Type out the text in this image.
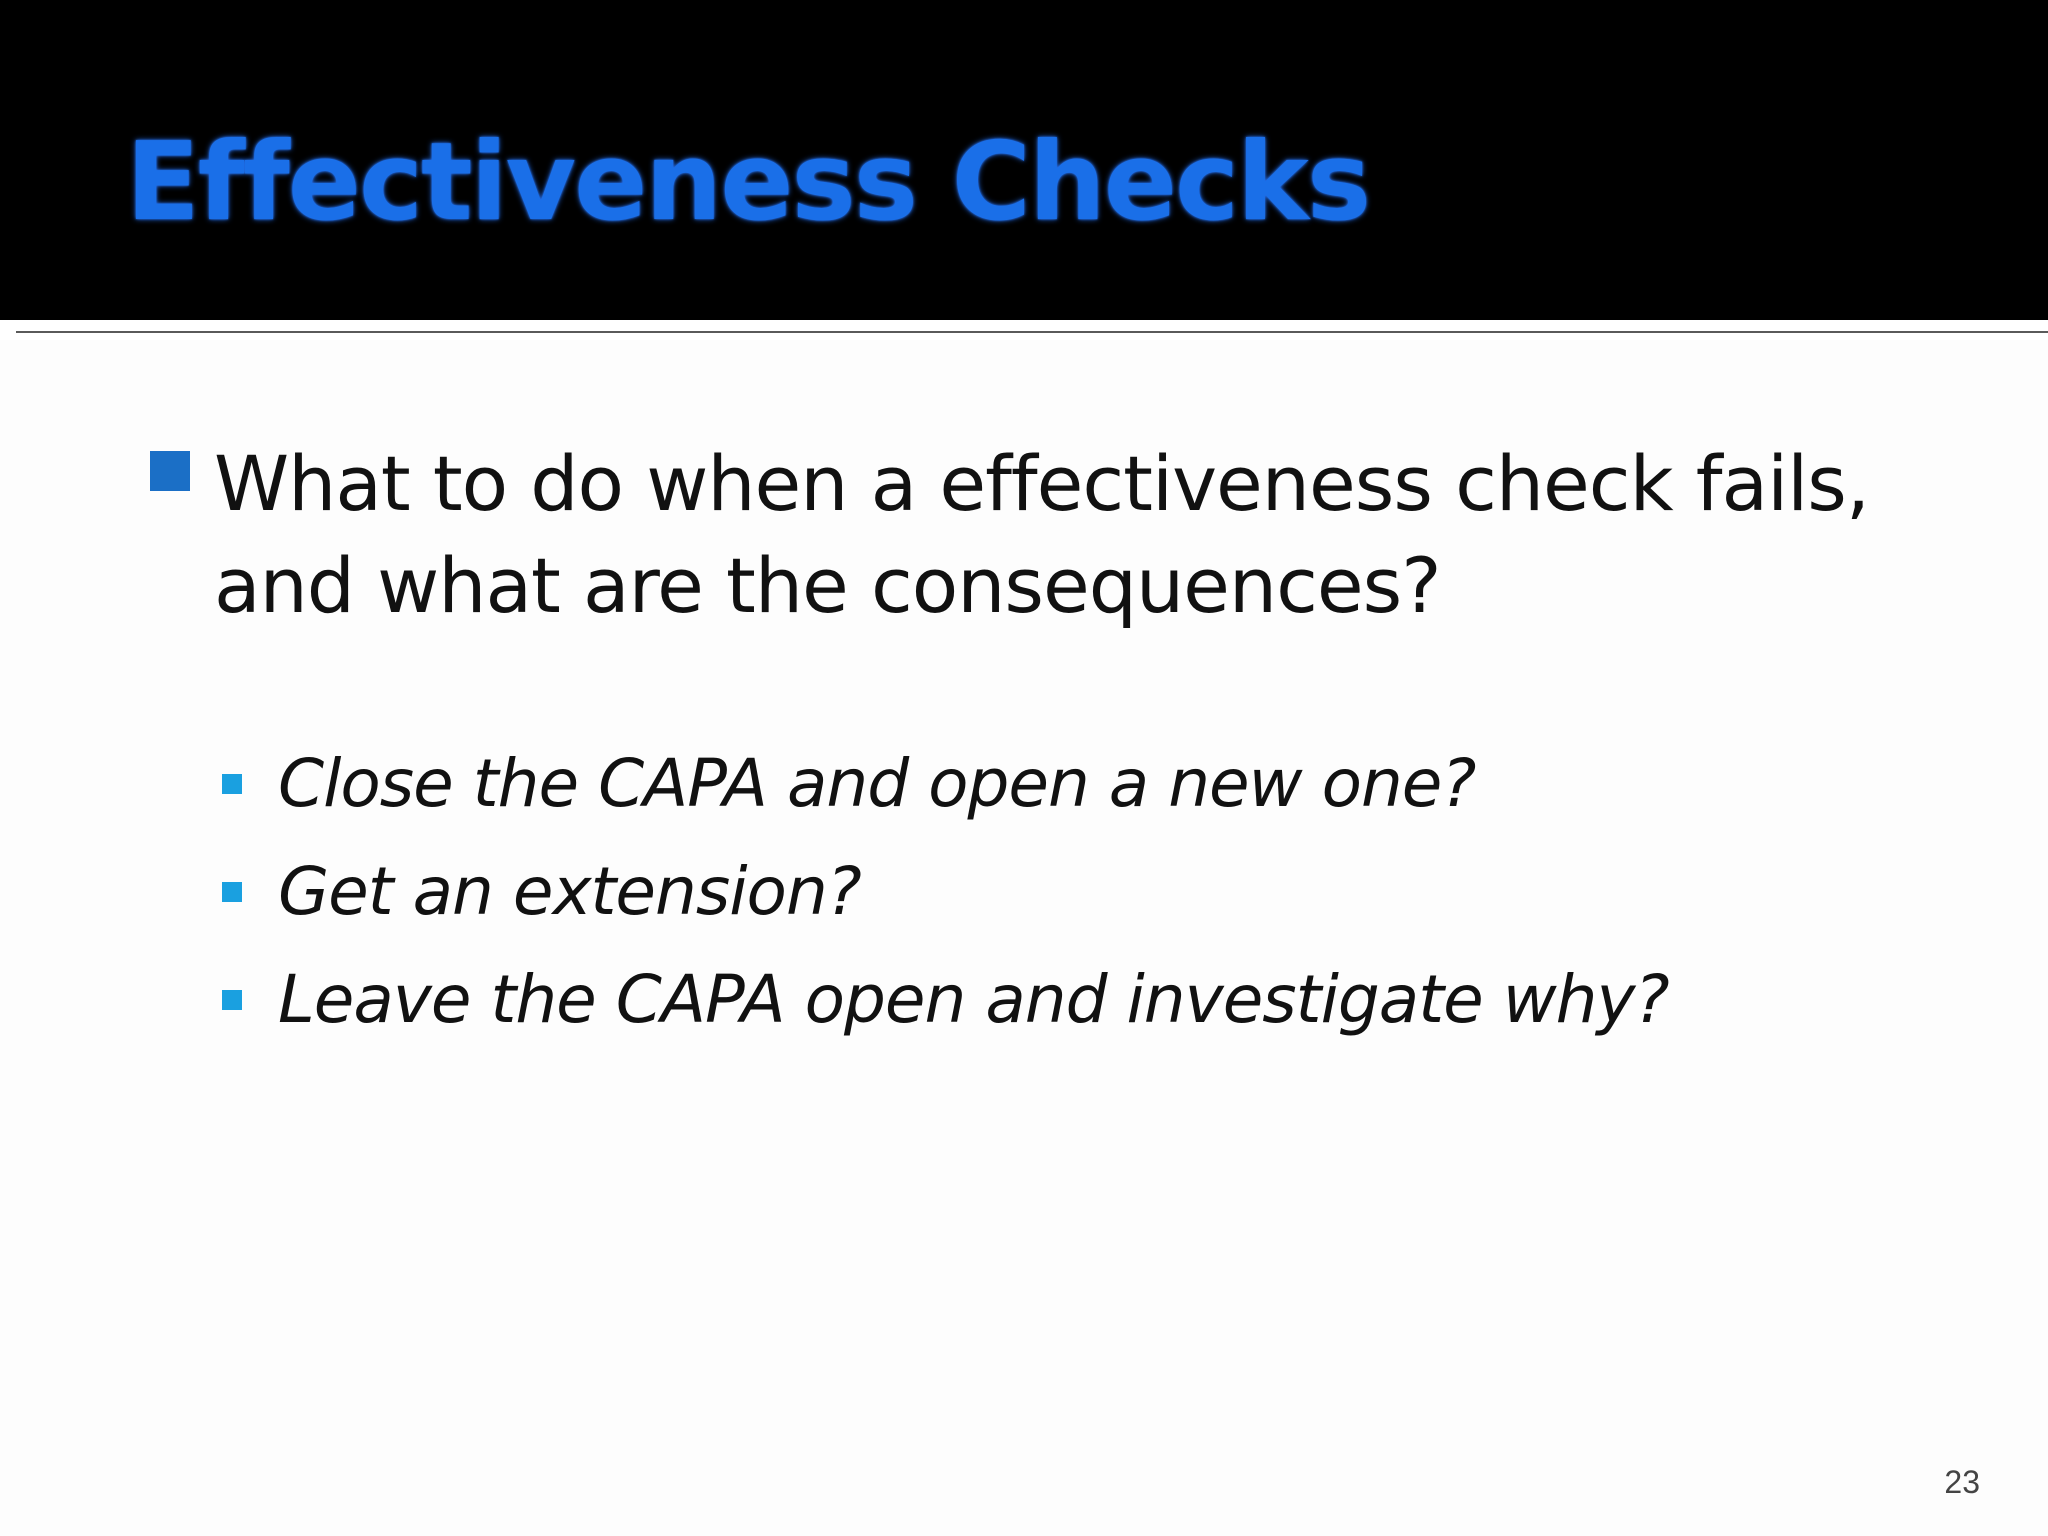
Effectiveness Checks

What to do when a effectiveness check fails, and what are the consequences?

Close the CAPA and open a new one?
Get an extension?
Leave the CAPA open and investigate why?
23
